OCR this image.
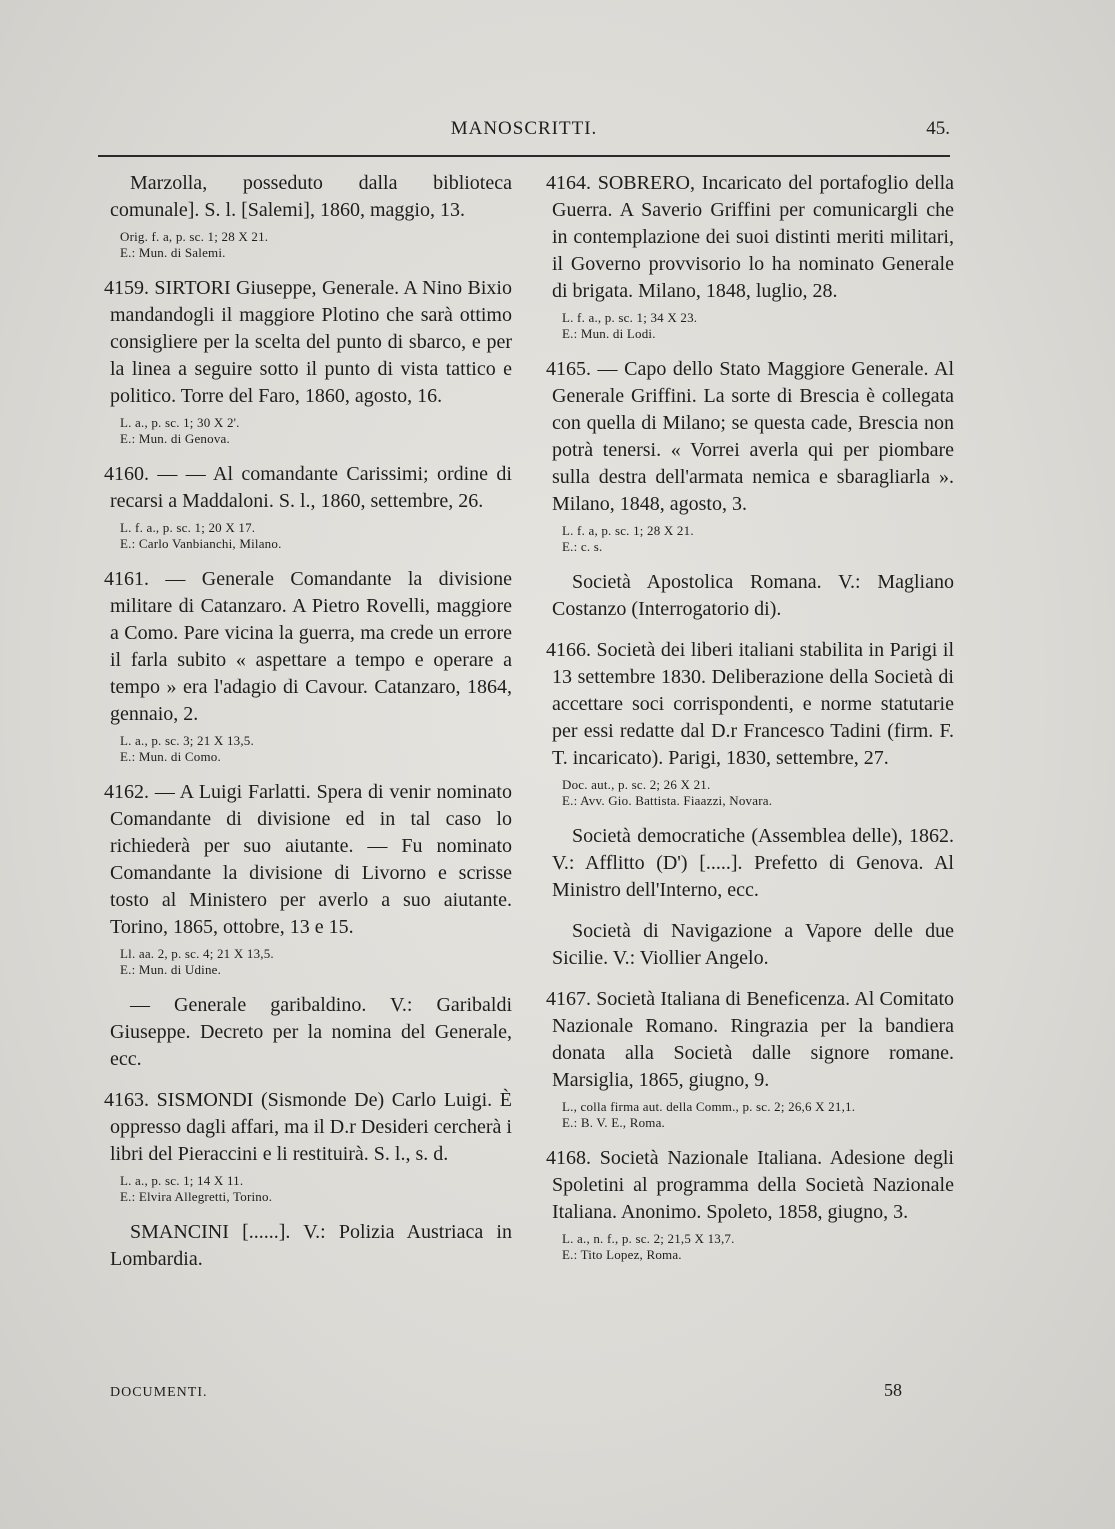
MANOSCRITTI.	45.

Marzolla, posseduto dalla biblioteca comunale]. S. l. [Salemi], 1860, maggio, 13.

Orig. f. a, p. sc. 1; 28 X 21.
E.: Mun. di Salemi.

4159. SIRTORI Giuseppe, Generale. A Nino Bixio mandandogli il maggiore Plotino che sarà ottimo consigliere per la scelta del punto di sbarco, e per la linea a seguire sotto il punto di vista tattico e politico. Torre del Faro, 1860, agosto, 16.

L. a., p. sc. 1; 30 X 2'.
E.: Mun. di Genova.

4160. — — Al comandante Carissimi; ordine di recarsi a Maddaloni. S. l., 1860, settembre, 26.

L. f. a., p. sc. 1; 20 X 17.
E.: Carlo Vanbianchi, Milano.

4161. — Generale Comandante la divisione militare di Catanzaro. A Pietro Rovelli, maggiore a Como. Pare vicina la guerra, ma crede un errore il farla subito « aspettare a tempo e operare a tempo » era l'adagio di Cavour. Catanzaro, 1864, gennaio, 2.

L. a., p. sc. 3; 21 X 13,5.
E.: Mun. di Como.

4162. — A Luigi Farlatti. Spera di venir nominato Comandante di divisione ed in tal caso lo richiederà per suo aiutante. — Fu nominato Comandante la divisione di Livorno e scrisse tosto al Ministero per averlo a suo aiutante. Torino, 1865, ottobre, 13 e 15.

Ll. aa. 2, p. sc. 4; 21 X 13,5.
E.: Mun. di Udine.

— Generale garibaldino. V.: Garibaldi Giuseppe. Decreto per la nomina del Generale, ecc.

4163. SISMONDI (Sismonde De) Carlo Luigi. È oppresso dagli affari, ma il D.r Desideri cercherà i libri del Pieraccini e li restituirà. S. l., s. d.

L. a., p. sc. 1; 14 X 11.
E.: Elvira Allegretti, Torino.

SMANCINI [......]. V.: Polizia Austriaca in Lombardia.

4164. SOBRERO, Incaricato del portafoglio della Guerra. A Saverio Griffini per comunicargli che in contemplazione dei suoi distinti meriti militari, il Governo provvisorio lo ha nominato Generale di brigata. Milano, 1848, luglio, 28.

L. f. a., p. sc. 1; 34 X 23.
E.: Mun. di Lodi.

4165. — Capo dello Stato Maggiore Generale. Al Generale Griffini. La sorte di Brescia è collegata con quella di Milano; se questa cade, Brescia non potrà tenersi. « Vorrei averla qui per piombare sulla destra dell'armata nemica e sbaragliarla ». Milano, 1848, agosto, 3.

L. f. a, p. sc. 1; 28 X 21.
E.: c. s.

Società Apostolica Romana. V.: Magliano Costanzo (Interrogatorio di).

4166. Società dei liberi italiani stabilita in Parigi il 13 settembre 1830. Deliberazione della Società di accettare soci corrispondenti, e norme statutarie per essi redatte dal D.r Francesco Tadini (firm. F. T. incaricato). Parigi, 1830, settembre, 27.

Doc. aut., p. sc. 2; 26 X 21.
E.: Avv. Gio. Battista. Fiaazzi, Novara.

Società democratiche (Assemblea delle), 1862. V.: Afflitto (D') [.....]. Prefetto di Genova. Al Ministro dell'Interno, ecc.

Società di Navigazione a Vapore delle due Sicilie. V.: Viollier Angelo.

4167. Società Italiana di Beneficenza. Al Comitato Nazionale Romano. Ringrazia per la bandiera donata alla Società dalle signore romane. Marsiglia, 1865, giugno, 9.

L., colla firma aut. della Comm., p. sc. 2; 26,6 X 21,1.
E.: B. V. E., Roma.

4168. Società Nazionale Italiana. Adesione degli Spoletini al programma della Società Nazionale Italiana. Anonimo. Spoleto, 1858, giugno, 3.

L. a., n. f., p. sc. 2; 21,5 X 13,7.
E.: Tito Lopez, Roma.
DOCUMENTI.	58
